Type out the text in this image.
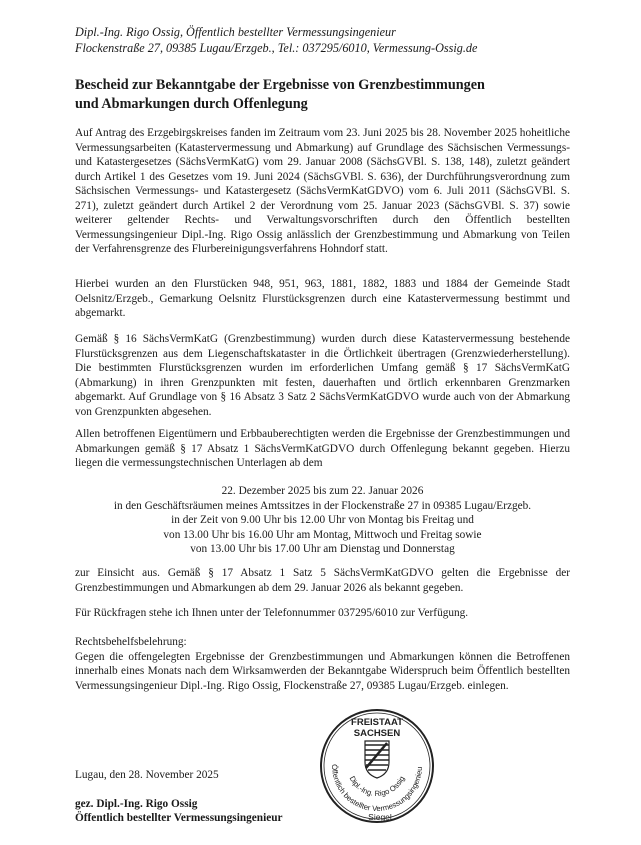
Dipl.-Ing. Rigo Ossig, Öffentlich bestellter Vermessungsingenieur
Flockenstraße 27, 09385 Lugau/Erzgeb., Tel.: 037295/6010, Vermessung-Ossig.de
Bescheid zur Bekanntgabe der Ergebnisse von Grenzbestimmungen
und Abmarkungen durch Offenlegung

Auf Antrag des Erzgebirgskreises fanden im Zeitraum vom 23. Juni 2025 bis 28. November 2025 hoheitliche Vermessungsarbeiten (Katastervermessung und Abmarkung) auf Grundlage des Sächsischen Vermessungs- und Katastergesetzes (SächsVermKatG) vom 29. Januar 2008 (SächsGVBl. S. 138, 148), zuletzt geändert durch Artikel 1 des Gesetzes vom 19. Juni 2024 (SächsGVBl. S. 636), der Durchführungsverordnung zum Sächsischen Vermessungs- und Katastergesetz (SächsVermKatGDVO) vom 6. Juli 2011 (SächsGVBl. S. 271), zuletzt geändert durch Artikel 2 der Verordnung vom 25. Januar 2023 (SächsGVBl. S. 37) sowie weiterer geltender Rechts- und Verwaltungsvorschriften durch den Öffentlich bestellten Vermessungsingenieur Dipl.-Ing. Rigo Ossig anlässlich der Grenzbestimmung und Abmarkung von Teilen der Verfahrensgrenze des Flurbereinigungsverfahrens Hohndorf statt.

Hierbei wurden an den Flurstücken 948, 951, 963, 1881, 1882, 1883 und 1884 der Gemeinde Stadt Oelsnitz/Erzgeb., Gemarkung Oelsnitz Flurstücksgrenzen durch eine Katastervermessung bestimmt und abgemarkt.

Gemäß § 16 SächsVermKatG (Grenzbestimmung) wurden durch diese Katastervermessung bestehende Flurstücksgrenzen aus dem Liegenschaftskataster in die Örtlichkeit übertragen (Grenzwiederherstellung). Die bestimmten Flurstücksgrenzen wurden im erforderlichen Umfang gemäß § 17 SächsVermKatG (Abmarkung) in ihren Grenzpunkten mit festen, dauerhaften und örtlich erkennbaren Grenzmarken abgemarkt. Auf Grundlage von § 16 Absatz 3 Satz 2 SächsVermKatGDVO wurde auch von der Abmarkung von Grenzpunkten abgesehen.

Allen betroffenen Eigentümern und Erbbauberechtigten werden die Ergebnisse der Grenzbestimmungen und Abmarkungen gemäß § 17 Absatz 1 SächsVermKatGDVO durch Offenlegung bekannt gegeben. Hierzu liegen die vermessungstechnischen Unterlagen ab dem

22. Dezember 2025 bis zum 22. Januar 2026
in den Geschäftsräumen meines Amtssitzes in der Flockenstraße 27 in 09385 Lugau/Erzgeb.
in der Zeit von 9.00 Uhr bis 12.00 Uhr von Montag bis Freitag und
von 13.00 Uhr bis 16.00 Uhr am Montag, Mittwoch und Freitag sowie
von 13.00 Uhr bis 17.00 Uhr am Dienstag und Donnerstag

zur Einsicht aus. Gemäß § 17 Absatz 1 Satz 5 SächsVermKatGDVO gelten die Ergebnisse der Grenzbestimmungen und Abmarkungen ab dem 29. Januar 2026 als bekannt gegeben.

Für Rückfragen stehe ich Ihnen unter der Telefonnummer 037295/6010 zur Verfügung.

Rechtsbehelfsbelehrung:

Gegen die offengelegten Ergebnisse der Grenzbestimmungen und Abmarkungen können die Betroffenen innerhalb eines Monats nach dem Wirksamwerden der Bekanntgabe Widerspruch beim Öffentlich bestellten Vermessungsingenieur Dipl.-Ing. Rigo Ossig, Flockenstraße 27, 09385 Lugau/Erzgeb. einlegen.

Lugau, den 28. November 2025
gez. Dipl.-Ing. Rigo Ossig
Öffentlich bestellter Vermessungsingenieur
FREISTAAT
SACHSEN
Öffentlich bestellter Vermessungsingenieu
Dipl.-Ing. Rigo Ossig
Siegel
